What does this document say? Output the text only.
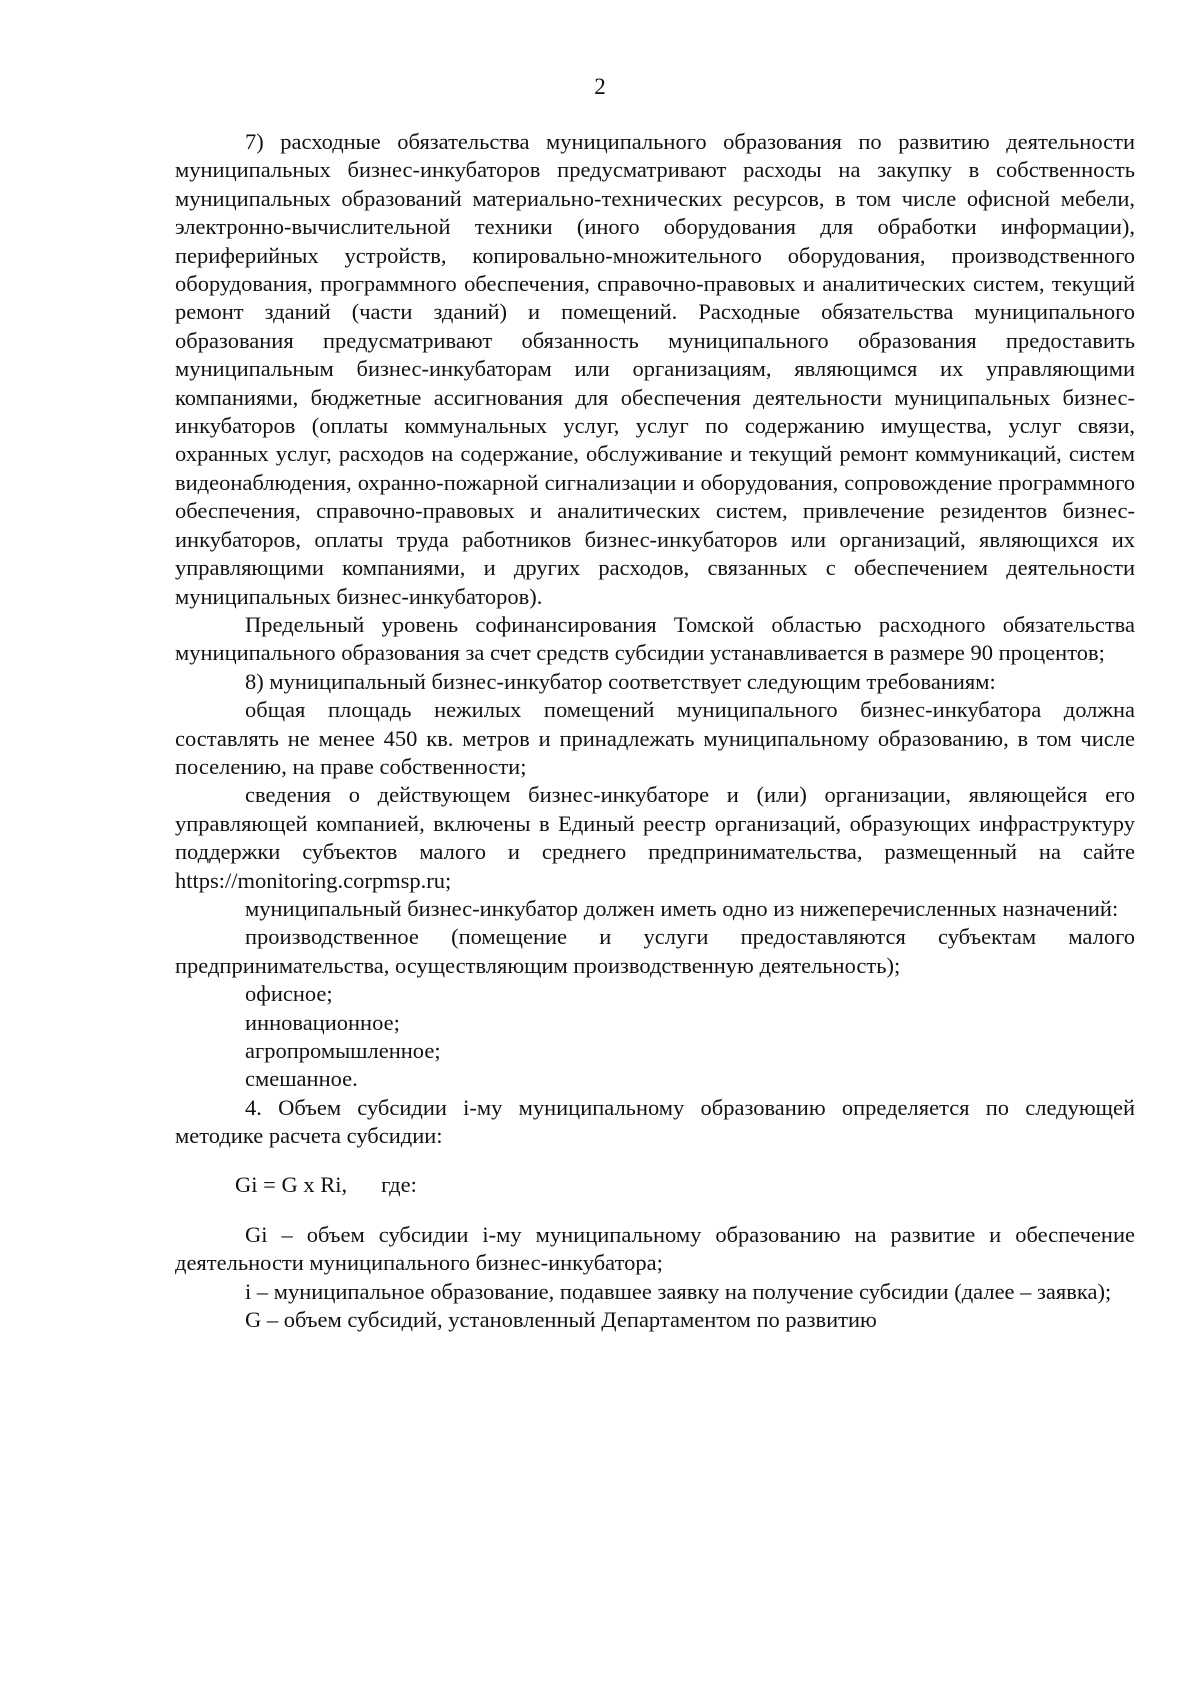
2

7) расходные обязательства муниципального образования по развитию деятельности муниципальных бизнес-инкубаторов предусматривают расходы на закупку в собственность муниципальных образований материально-технических ресурсов, в том числе офисной мебели, электронно-вычислительной техники (иного оборудования для обработки информации), периферийных устройств, копировально-множительного оборудования, производственного оборудования, программного обеспечения, справочно-правовых и аналитических систем, текущий ремонт зданий (части зданий) и помещений. Расходные обязательства муниципального образования предусматривают обязанность муниципального образования предоставить муниципальным бизнес-инкубаторам или организациям, являющимся их управляющими компаниями, бюджетные ассигнования для обеспечения деятельности муниципальных бизнес-инкубаторов (оплаты коммунальных услуг, услуг по содержанию имущества, услуг связи, охранных услуг, расходов на содержание, обслуживание и текущий ремонт коммуникаций, систем видеонаблюдения, охранно-пожарной сигнализации и оборудования, сопровождение программного обеспечения, справочно-правовых и аналитических систем, привлечение резидентов бизнес-инкубаторов, оплаты труда работников бизнес-инкубаторов или организаций, являющихся их управляющими компаниями, и других расходов, связанных с обеспечением деятельности муниципальных бизнес-инкубаторов).

Предельный уровень софинансирования Томской областью расходного обязательства муниципального образования за счет средств субсидии устанавливается в размере 90 процентов;

8) муниципальный бизнес-инкубатор соответствует следующим требованиям:

общая площадь нежилых помещений муниципального бизнес-инкубатора должна составлять не менее 450 кв. метров и принадлежать муниципальному образованию, в том числе поселению, на праве собственности;

сведения о действующем бизнес-инкубаторе и (или) организации, являющейся его управляющей компанией, включены в Единый реестр организаций, образующих инфраструктуру поддержки субъектов малого и среднего предпринимательства, размещенный на сайте https://monitoring.corpmsp.ru;

муниципальный бизнес-инкубатор должен иметь одно из нижеперечисленных назначений:

производственное (помещение и услуги предоставляются субъектам малого предпринимательства, осуществляющим производственную деятельность);

офисное;

инновационное;

агропромышленное;

смешанное.

4. Объем субсидии i-му муниципальному образованию определяется по следующей методике расчета субсидии:

Gi = G x Ri, где:

Gi – объем субсидии i-му муниципальному образованию на развитие и обеспечение деятельности муниципального бизнес-инкубатора;

i – муниципальное образование, подавшее заявку на получение субсидии (далее – заявка);

G – объем субсидий, установленный Департаментом по развитию
